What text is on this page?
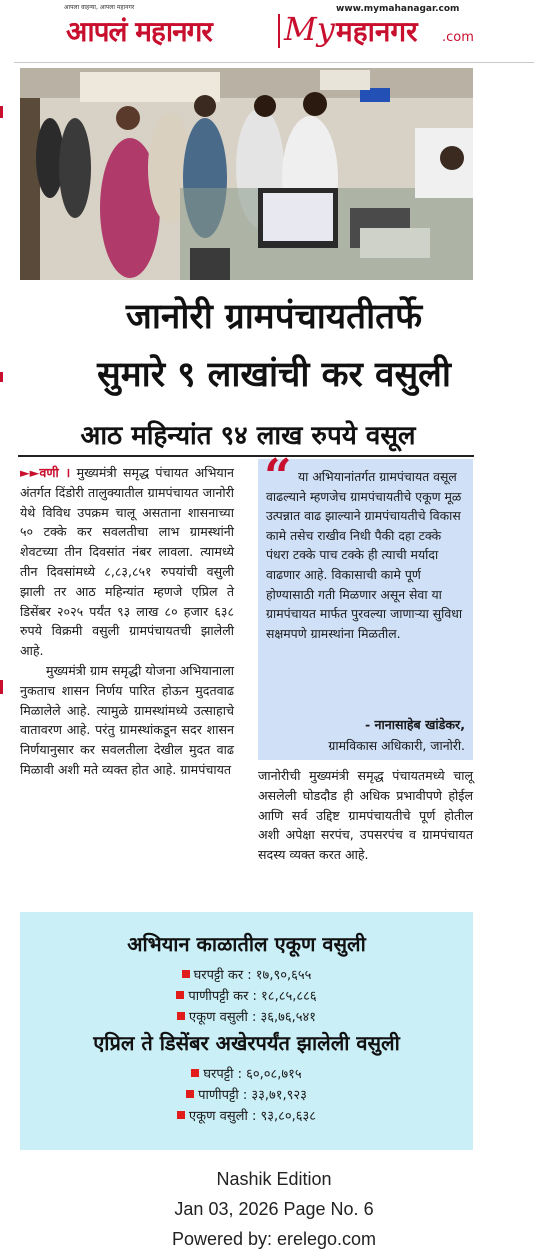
आपला वाहन्या, आपला महानगर	www.mymahanagar.com
आपलं महानगर My महानगर .com
जानोरी ग्रामपंचायतीतर्फे
सुमारे ९ लाखांची कर वसुली
आठ महिन्यांत ९४ लाख रुपये वसूल

►►वणी । मुख्यमंत्री समृद्ध पंचायत अभियान अंतर्गत दिंडोरी तालुक्यातील ग्रामपंचायत जानोरी येथे विविध उपक्रम चालू असताना शासनाच्या ५० टक्के कर सवलतीचा लाभ ग्रामस्थांनी शेवटच्या तीन दिवसांत नंबर लावला. त्यामध्ये तीन दिवसांमध्ये ८,८३,८५१ रुपयांची वसुली झाली तर आठ महिन्यांत म्हणजे एप्रिल ते डिसेंबर २०२५ पर्यंत ९३ लाख ८० हजार ६३८ रुपये विक्रमी वसुली ग्रामपंचायतची झालेली आहे.

मुख्यमंत्री ग्राम समृद्धी योजना अभियानाला नुकताच शासन निर्णय पारित होऊन मुदतवाढ मिळालेले आहे. त्यामुळे ग्रामस्थांमध्ये उत्साहाचे वातावरण आहे. परंतु ग्रामस्थांकडून सदर शासन निर्णयानुसार कर सवलतीला देखील मुदत वाढ मिळावी अशी मते व्यक्त होत आहे. ग्रामपंचायत

“ या अभियानांतर्गत ग्रामपंचायत वसूल वाढल्याने म्हणजेच ग्रामपंचायतीचे एकूण मूळ उत्पन्नात वाढ झाल्याने ग्रामपंचायतीचे विकास कामे तसेच राखीव निधी पैकी दहा टक्के पंधरा टक्के पाच टक्के ही त्याची मर्यादा वाढणार आहे. विकासाची कामे पूर्ण होण्यासाठी गती मिळणार असून सेवा या ग्रामपंचायत मार्फत पुरवल्या जाणाऱ्या सुविधा सक्षमपणे ग्रामस्थांना मिळतील.
- नानासाहेब खांडेकर,
ग्रामविकास अधिकारी, जानोरी.

जानोरीची मुख्यमंत्री समृद्ध पंचायतमध्ये चालू असलेली घोडदौड ही अधिक प्रभावीपणे होईल आणि सर्व उद्दिष्ट ग्रामपंचायतीचे पूर्ण होतील अशी अपेक्षा सरपंच, उपसरपंच व ग्रामपंचायत सदस्य व्यक्त करत आहे.

अभियान काळातील एकूण वसुली
घरपट्टी कर : १७,९०,६५५
पाणीपट्टी कर : १८,८५,८८६
एकूण वसुली : ३६,७६,५४१
एप्रिल ते डिसेंबर अखेरपर्यंत झालेली वसुली
घरपट्टी : ६०,०८,७१५
पाणीपट्टी : ३३,७१,९२३
एकूण वसुली : ९३,८०,६३८
Nashik Edition
Jan 03, 2026 Page No. 6
Powered by: erelego.com
